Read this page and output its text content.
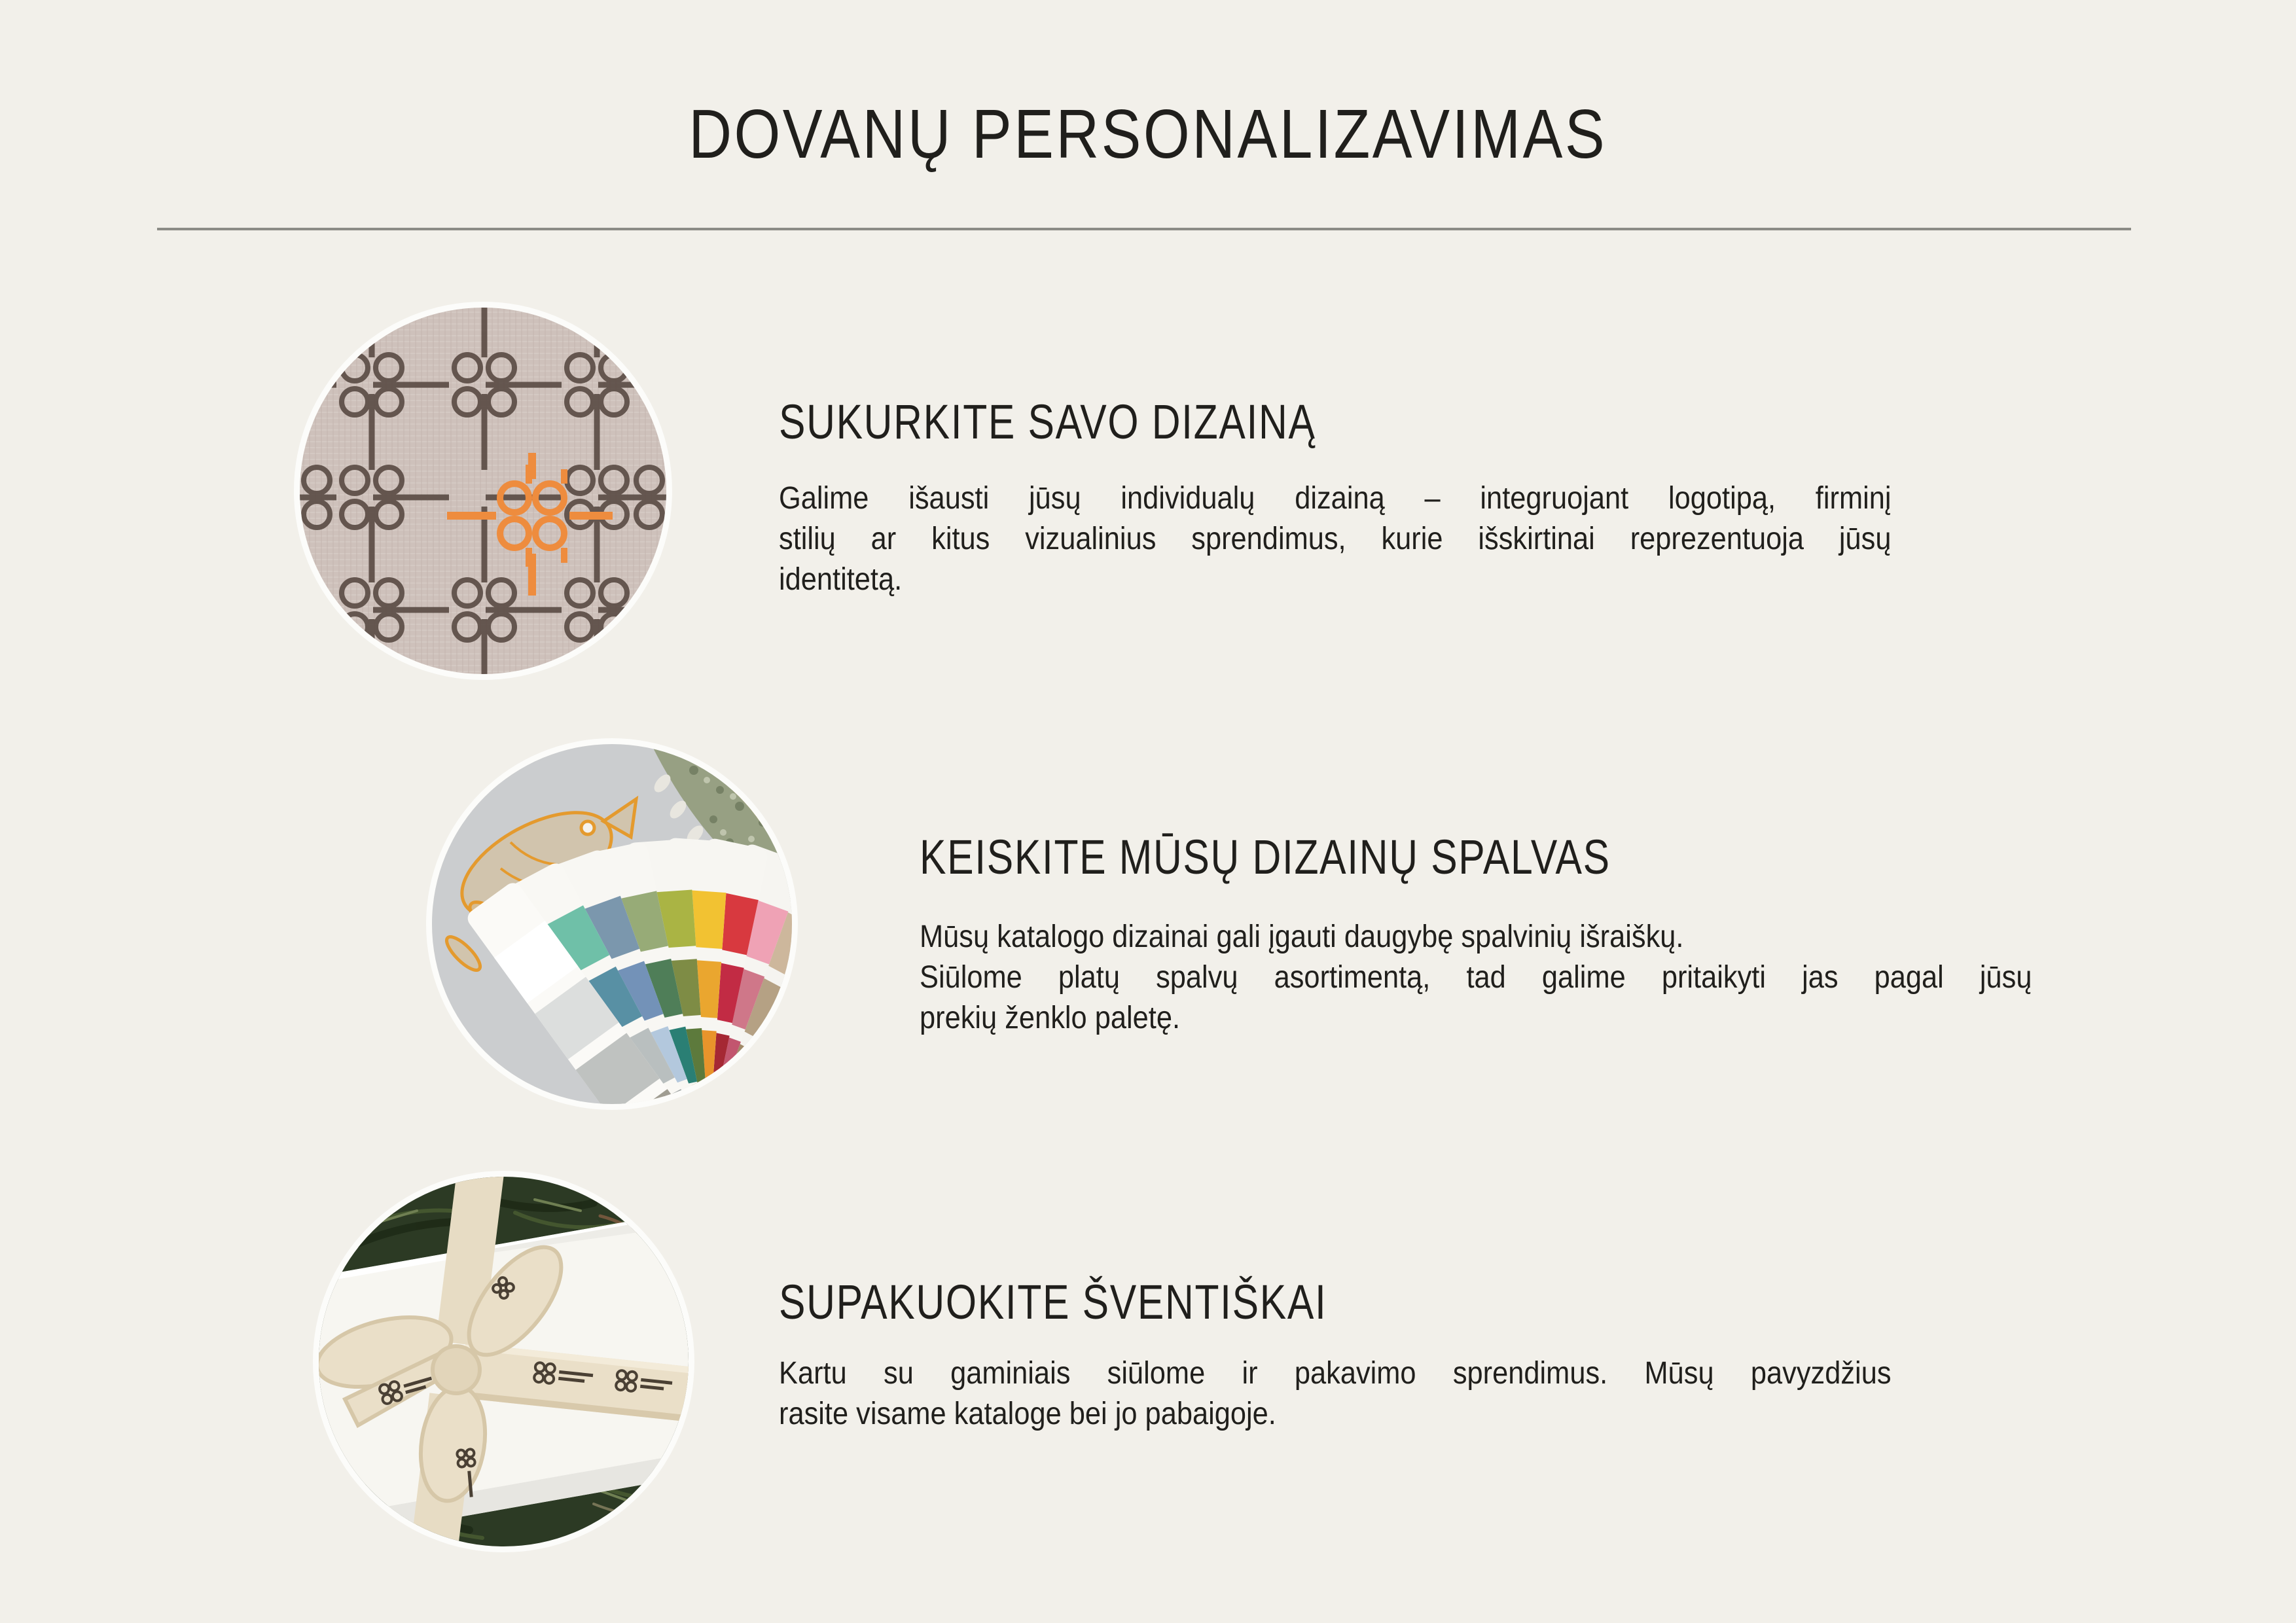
DOVANŲ PERSONALIZAVIMAS
SUKURKITE SAVO DIZAINĄ
Galime išausti jūsų individualų dizainą – integruojant logotipą, firminį
stilių ar kitus vizualinius sprendimus, kurie išskirtinai reprezentuoja jūsų
identitetą.
KEISKITE MŪSŲ DIZAINŲ SPALVAS
Mūsų katalogo dizainai gali įgauti daugybę spalvinių išraiškų.
Siūlome platų spalvų asortimentą, tad galime pritaikyti jas pagal jūsų
prekių ženklo paletę.
SUPAKUOKITE ŠVENTIŠKAI
Kartu su gaminiais siūlome ir pakavimo sprendimus. Mūsų pavyzdžius
rasite visame kataloge bei jo pabaigoje.
